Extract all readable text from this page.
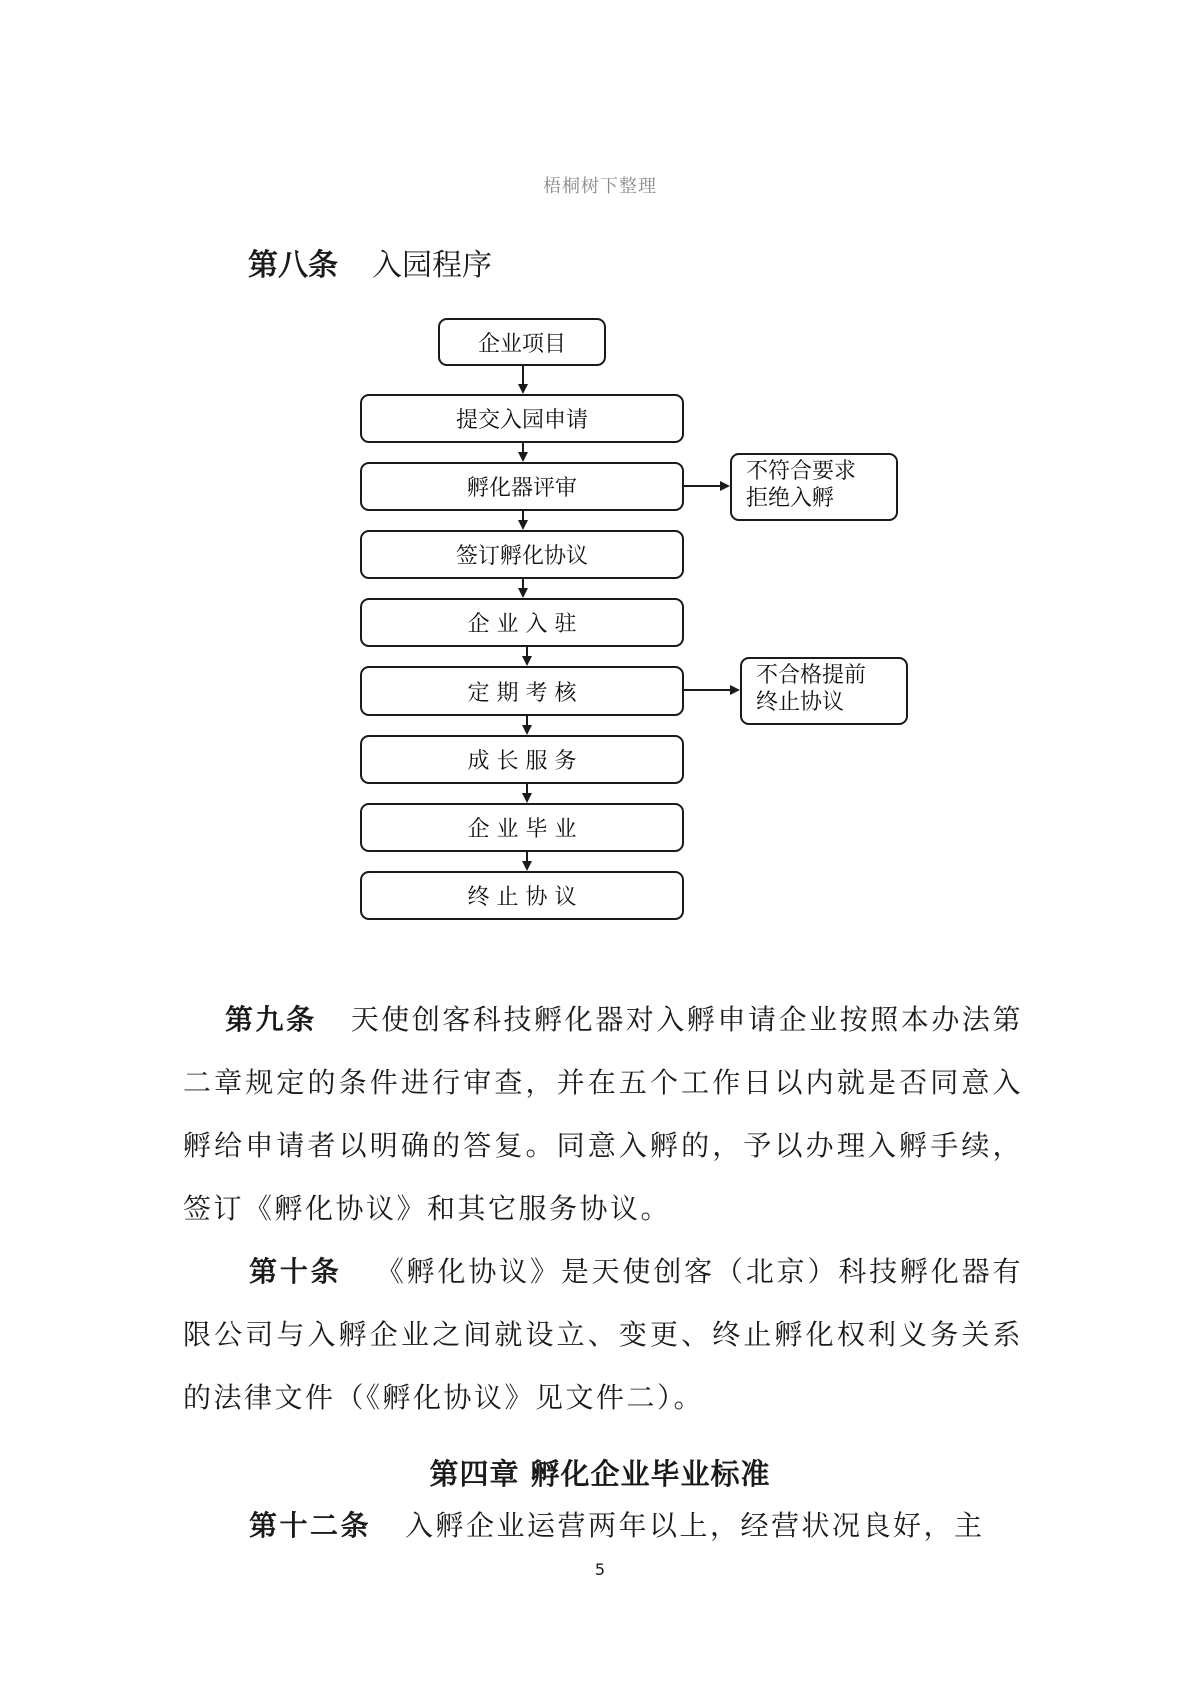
梧桐树下整理
第八条 入园程序
企业项目
提交入园申请
孵化器评审
签订孵化协议
企 业 入 驻
定 期 考 核
成 长 服 务
企 业 毕 业
终 止 协 议
不符合要求
拒绝入孵
不合格提前
终止协议

第九条 天使创客科技孵化器对入孵申请企业按照本办法第二章规定的条件进行审查，并在五个工作日以内就是否同意入孵给申请者以明确的答复。同意入孵的，予以办理入孵手续，签订《孵化协议》和其它服务协议。

第十条 《孵化协议》是天使创客（北京）科技孵化器有限公司与入孵企业之间就设立、变更、终止孵化权利义务关系的法律文件（《孵化协议》见文件二）。

第四章 孵化企业毕业标准

第十二条 入孵企业运营两年以上，经营状况良好，主

5
